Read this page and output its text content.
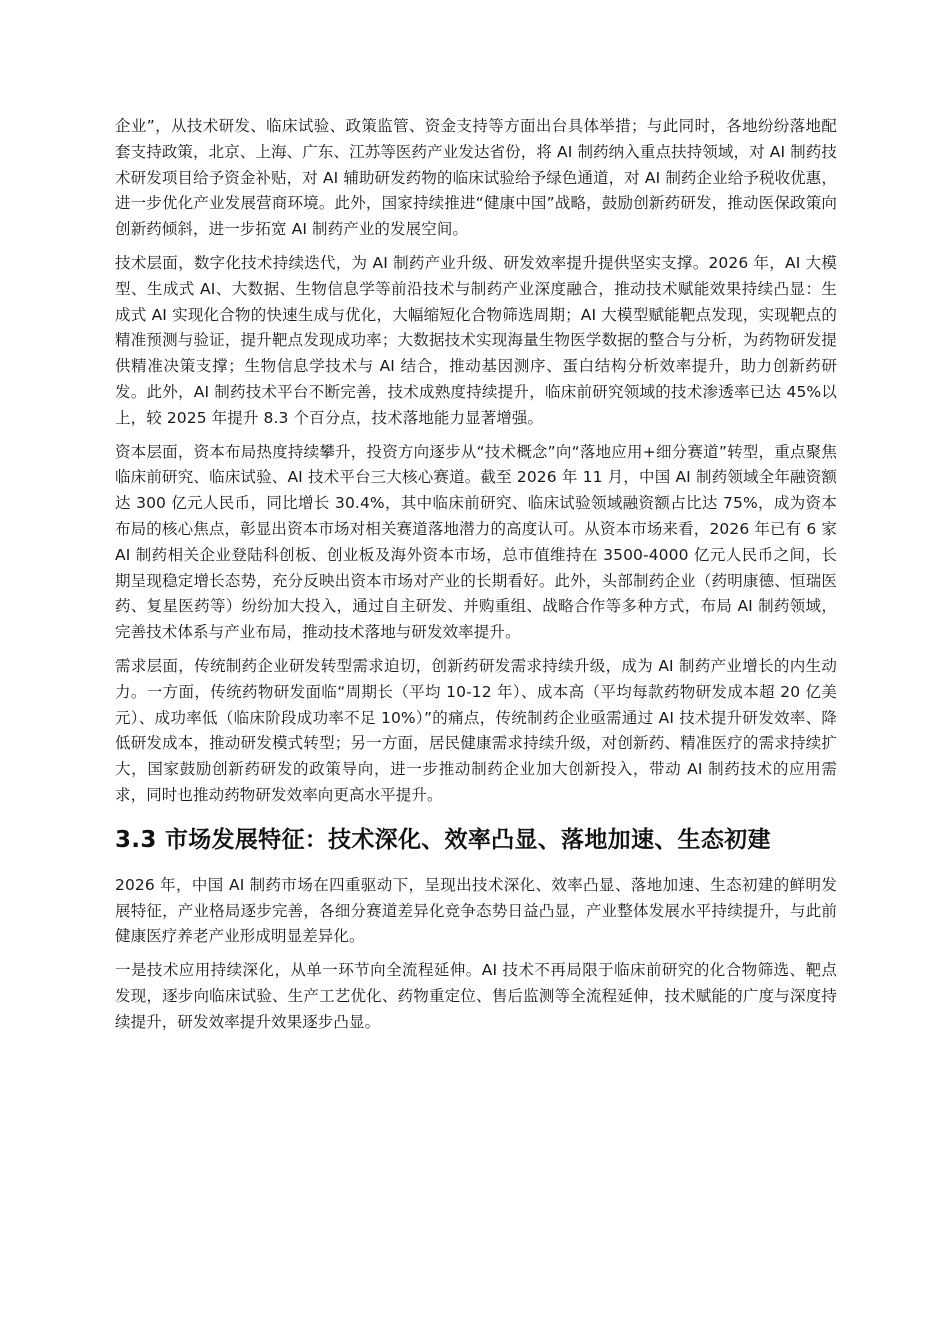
企业”，从技术研发、临床试验、政策监管、资金支持等方面出台具体举措；与此同时，各地纷纷落地配套支持政策，北京、上海、广东、江苏等医药产业发达省份，将 AI 制药纳入重点扶持领域，对 AI 制药技术研发项目给予资金补贴，对 AI 辅助研发药物的临床试验给予绿色通道，对 AI 制药企业给予税收优惠，进一步优化产业发展营商环境。此外，国家持续推进“健康中国”战略，鼓励创新药研发，推动医保政策向创新药倾斜，进一步拓宽 AI 制药产业的发展空间。

技术层面，数字化技术持续迭代，为 AI 制药产业升级、研发效率提升提供坚实支撑。2026 年，AI 大模型、生成式 AI、大数据、生物信息学等前沿技术与制药产业深度融合，推动技术赋能效果持续凸显：生成式 AI 实现化合物的快速生成与优化，大幅缩短化合物筛选周期；AI 大模型赋能靶点发现，实现靶点的精准预测与验证，提升靶点发现成功率；大数据技术实现海量生物医学数据的整合与分析，为药物研发提供精准决策支撑；生物信息学技术与 AI 结合，推动基因测序、蛋白结构分析效率提升，助力创新药研发。此外，AI 制药技术平台不断完善，技术成熟度持续提升，临床前研究领域的技术渗透率已达 45%以上，较 2025 年提升 8.3 个百分点，技术落地能力显著增强。

资本层面，资本布局热度持续攀升，投资方向逐步从“技术概念”向“落地应用+细分赛道”转型，重点聚焦临床前研究、临床试验、AI 技术平台三大核心赛道。截至 2026 年 11 月，中国 AI 制药领域全年融资额达 300 亿元人民币，同比增长 30.4%，其中临床前研究、临床试验领域融资额占比达 75%，成为资本布局的核心焦点，彰显出资本市场对相关赛道落地潜力的高度认可。从资本市场来看，2026 年已有 6 家 AI 制药相关企业登陆科创板、创业板及海外资本市场，总市值维持在 3500-4000 亿元人民币之间，长期呈现稳定增长态势，充分反映出资本市场对产业的长期看好。此外，头部制药企业（药明康德、恒瑞医药、复星医药等）纷纷加大投入，通过自主研发、并购重组、战略合作等多种方式，布局 AI 制药领域，完善技术体系与产业布局，推动技术落地与研发效率提升。

需求层面，传统制药企业研发转型需求迫切，创新药研发需求持续升级，成为 AI 制药产业增长的内生动力。一方面，传统药物研发面临“周期长（平均 10-12 年）、成本高（平均每款药物研发成本超 20 亿美元）、成功率低（临床阶段成功率不足 10%）”的痛点，传统制药企业亟需通过 AI 技术提升研发效率、降低研发成本，推动研发模式转型；另一方面，居民健康需求持续升级，对创新药、精准医疗的需求持续扩大，国家鼓励创新药研发的政策导向，进一步推动制药企业加大创新投入，带动 AI 制药技术的应用需求，同时也推动药物研发效率向更高水平提升。

3.3 市场发展特征：技术深化、效率凸显、落地加速、生态初建

2026 年，中国 AI 制药市场在四重驱动下，呈现出技术深化、效率凸显、落地加速、生态初建的鲜明发展特征，产业格局逐步完善，各细分赛道差异化竞争态势日益凸显，产业整体发展水平持续提升，与此前健康医疗养老产业形成明显差异化。

一是技术应用持续深化，从单一环节向全流程延伸。AI 技术不再局限于临床前研究的化合物筛选、靶点发现，逐步向临床试验、生产工艺优化、药物重定位、售后监测等全流程延伸，技术赋能的广度与深度持续提升，研发效率提升效果逐步凸显。
